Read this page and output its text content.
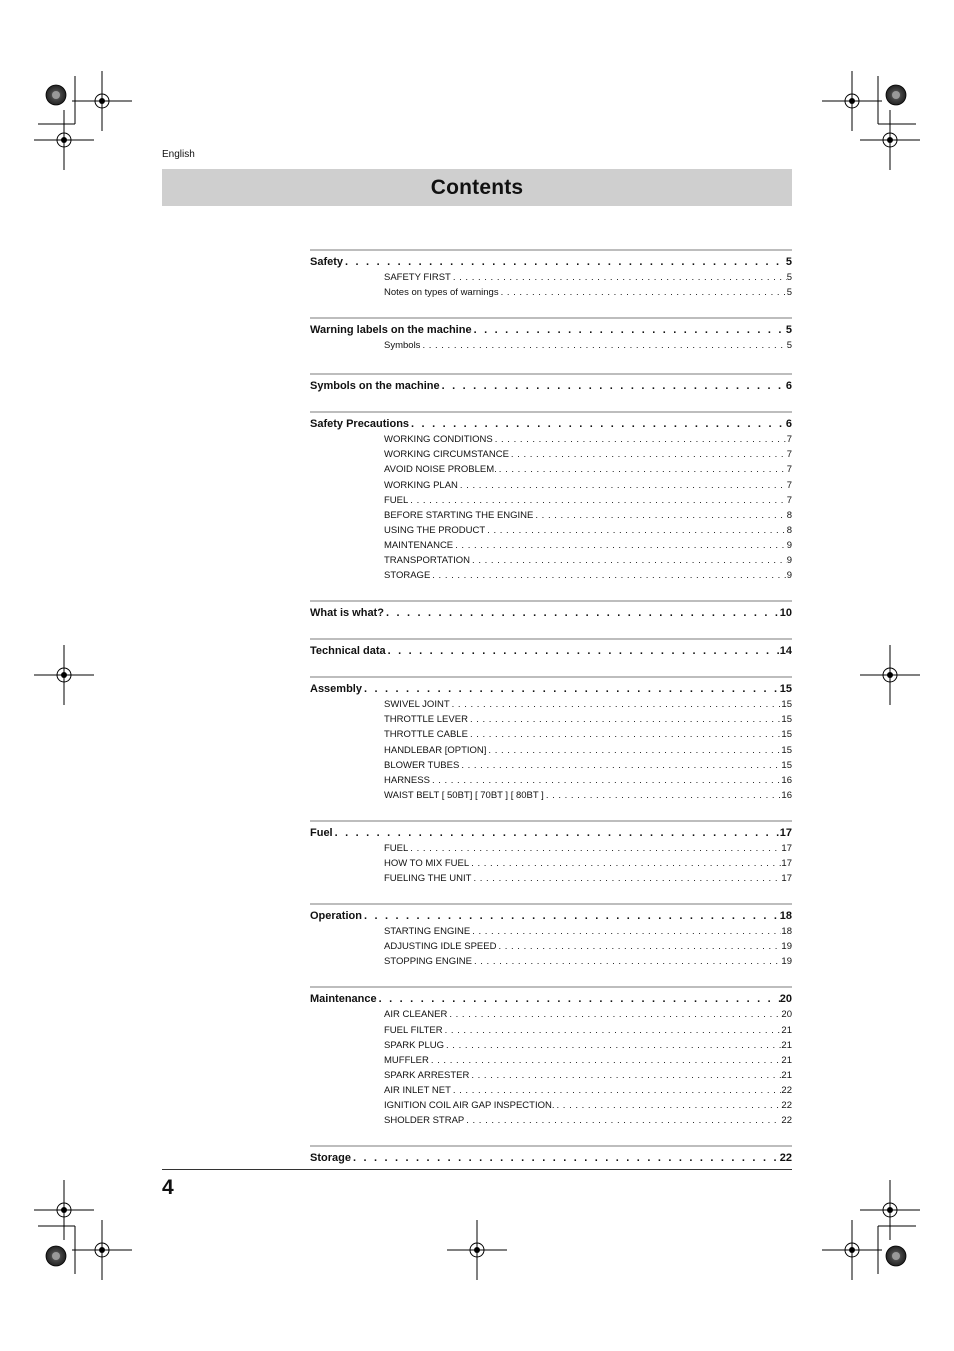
English
Contents
Safety . . .	5
SAFETY FIRST . . .	5
Notes on types of warnings . . .	5
Warning labels on the machine . . .	5
Symbols . . .	5
Symbols on the machine . . .	6
Safety Precautions . . .	6
WORKING CONDITIONS . . .	7
WORKING CIRCUMSTANCE . . .	7
AVOID NOISE PROBLEM. . . .	7
WORKING PLAN . . .	7
FUEL . . .	7
BEFORE STARTING THE ENGINE . . .	8
USING THE PRODUCT . . .	8
MAINTENANCE . . .	9
TRANSPORTATION . . .	9
STORAGE . . .	9
What is what? . . .	10
Technical data . . .	14
Assembly . . .	15
SWIVEL JOINT . . .	15
THROTTLE LEVER . . .	15
THROTTLE CABLE . . .	15
HANDLEBAR [OPTION] . . .	15
BLOWER TUBES . . .	15
HARNESS . . .	16
WAIST BELT [ 50BT] [ 70BT ] [ 80BT ] . . .	16
Fuel . . .	17
FUEL . . .	17
HOW TO MIX FUEL . . .	17
FUELING THE UNIT . . .	17
Operation . . .	18
STARTING ENGINE . . .	18
ADJUSTING IDLE SPEED . . .	19
STOPPING ENGINE . . .	19
Maintenance . . .	20
AIR CLEANER . . .	20
FUEL FILTER . . .	21
SPARK PLUG . . .	21
MUFFLER . . .	21
SPARK ARRESTER . . .	21
AIR INLET NET . . .	22
IGNITION COIL AIR GAP INSPECTION. . . .	22
SHOLDER STRAP . . .	22
Storage . . .	22
4
